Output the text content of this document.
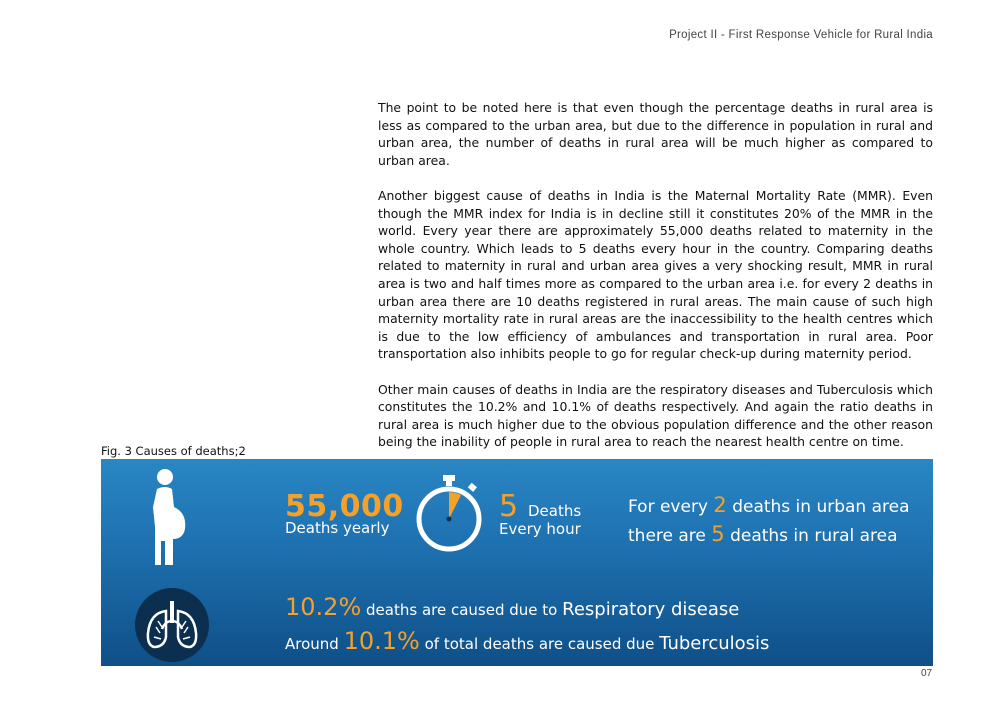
Project II - First Response Vehicle for Rural India

The point to be noted here is that even though the percentage deaths in rural area is less as compared to the urban area, but due to the difference in population in rural and urban area, the number of deaths in rural area will be much higher as compared to urban area.

Another biggest cause of deaths in India is the Maternal Mortality Rate (MMR). Even though the MMR index for India is in decline still it constitutes 20% of the MMR in the world. Every year there are approximately 55,000 deaths related to maternity in the whole country. Which leads to 5 deaths every hour in the country. Comparing deaths related to maternity in rural and urban area gives a very shocking result, MMR in rural area is two and half times more as compared to the urban area i.e. for every 2 deaths in urban area there are 10 deaths registered in rural areas. The main cause of such high maternity mortality rate in rural areas are the inaccessibility to the health centres which is due to the low efficiency of ambulances and transportation in rural area. Poor transportation also inhibits people to go for regular check-up during maternity period.

Other main causes of deaths in India are the respiratory diseases and Tuberculosis which constitutes the 10.2% and 10.1% of deaths respectively. And again the ratio deaths in rural area is much higher due to the obvious population difference and the other reason being the inability of people in rural area to reach the nearest health centre on time.

Fig. 3 Causes of deaths;2
55,000
Deaths yearly
5 Deaths
Every hour
For every 2 deaths in urban area
there are 5 deaths in rural area
10.2% deaths are caused due to Respiratory disease
Around 10.1% of total deaths are caused due Tuberculosis
07
